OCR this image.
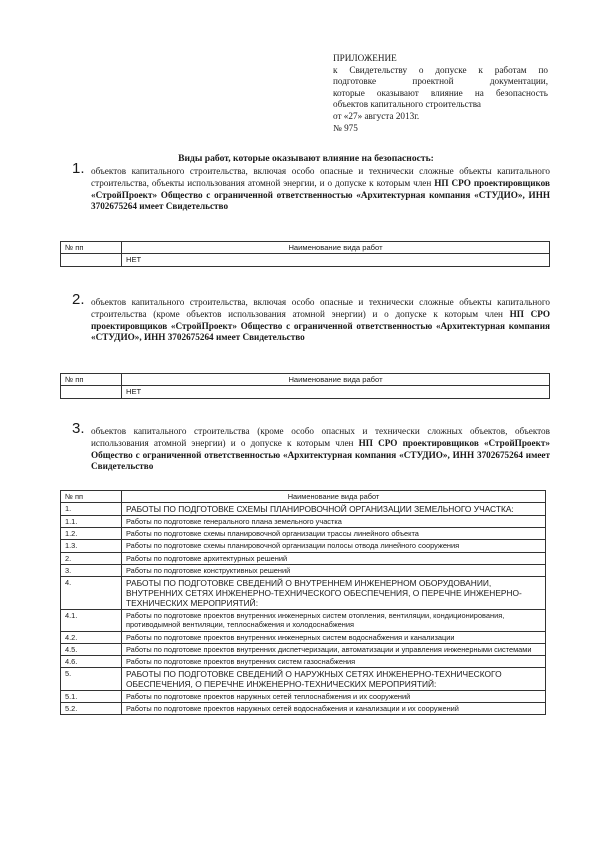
ПРИЛОЖЕНИЕ
к Свидетельству о допуске к работам по
подготовке проектной документации,
которые оказывают влияние на безопасность
объектов капитального строительства
от «27» августа 2013г.
№ 975
Виды работ, которые оказывают влияние на безопасность:
1. объектов капитального строительства, включая особо опасные и технически сложные объекты капитального строительства, объекты использования атомной энергии, и о допуске к которым член НП СРО проектировщиков «СтройПроект» Общество с ограниченной ответственностью «Архитектурная компания «СТУДИО», ИНН 3702675264 имеет Свидетельство
№ пп	Наименование вида работ
	НЕТ
2. объектов капитального строительства, включая особо опасные и технически сложные объекты капитального строительства (кроме объектов использования атомной энергии) и о допуске к которым член НП СРО проектировщиков «СтройПроект» Общество с ограниченной ответственностью «Архитектурная компания «СТУДИО», ИНН 3702675264 имеет Свидетельство
№ пп	Наименование вида работ
	НЕТ
3. объектов капитального строительства (кроме особо опасных и технически сложных объектов, объектов использования атомной энергии) и о допуске к которым член НП СРО проектировщиков «СтройПроект» Общество с ограниченной ответственностью «Архитектурная компания «СТУДИО», ИНН 3702675264 имеет Свидетельство
№ пп	Наименование вида работ
1.	РАБОТЫ ПО ПОДГОТОВКЕ СХЕМЫ ПЛАНИРОВОЧНОЙ ОРГАНИЗАЦИИ ЗЕМЕЛЬНОГО УЧАСТКА:
1.1.	Работы по подготовке генерального плана земельного участка
1.2.	Работы по подготовке схемы планировочной организации трассы линейного объекта
1.3.	Работы по подготовке схемы планировочной организации полосы отвода линейного сооружения
2.	Работы по подготовке архитектурных решений
3.	Работы по подготовке конструктивных решений
4.	РАБОТЫ ПО ПОДГОТОВКЕ СВЕДЕНИЙ О ВНУТРЕННЕМ ИНЖЕНЕРНОМ ОБОРУДОВАНИИ, ВНУТРЕННИХ СЕТЯХ ИНЖЕНЕРНО-ТЕХНИЧЕСКОГО ОБЕСПЕЧЕНИЯ, О ПЕРЕЧНЕ ИНЖЕНЕРНО-ТЕХНИЧЕСКИХ МЕРОПРИЯТИЙ:
4.1.	Работы по подготовке проектов внутренних инженерных систем отопления, вентиляции, кондиционирования, противодымной вентиляции, теплоснабжения и холодоснабжения
4.2.	Работы по подготовке проектов внутренних инженерных систем водоснабжения и канализации
4.5.	Работы по подготовке проектов внутренних диспетчеризации, автоматизации и управления инженерными системами
4.6.	Работы по подготовке проектов внутренних систем газоснабжения
5.	РАБОТЫ ПО ПОДГОТОВКЕ СВЕДЕНИЙ О НАРУЖНЫХ СЕТЯХ ИНЖЕНЕРНО-ТЕХНИЧЕСКОГО ОБЕСПЕЧЕНИЯ, О ПЕРЕЧНЕ ИНЖЕНЕРНО-ТЕХНИЧЕСКИХ МЕРОПРИЯТИЙ:
5.1.	Работы по подготовке проектов наружных сетей теплоснабжения и их сооружений
5.2.	Работы по подготовке проектов наружных сетей водоснабжения и канализации и их сооружений
